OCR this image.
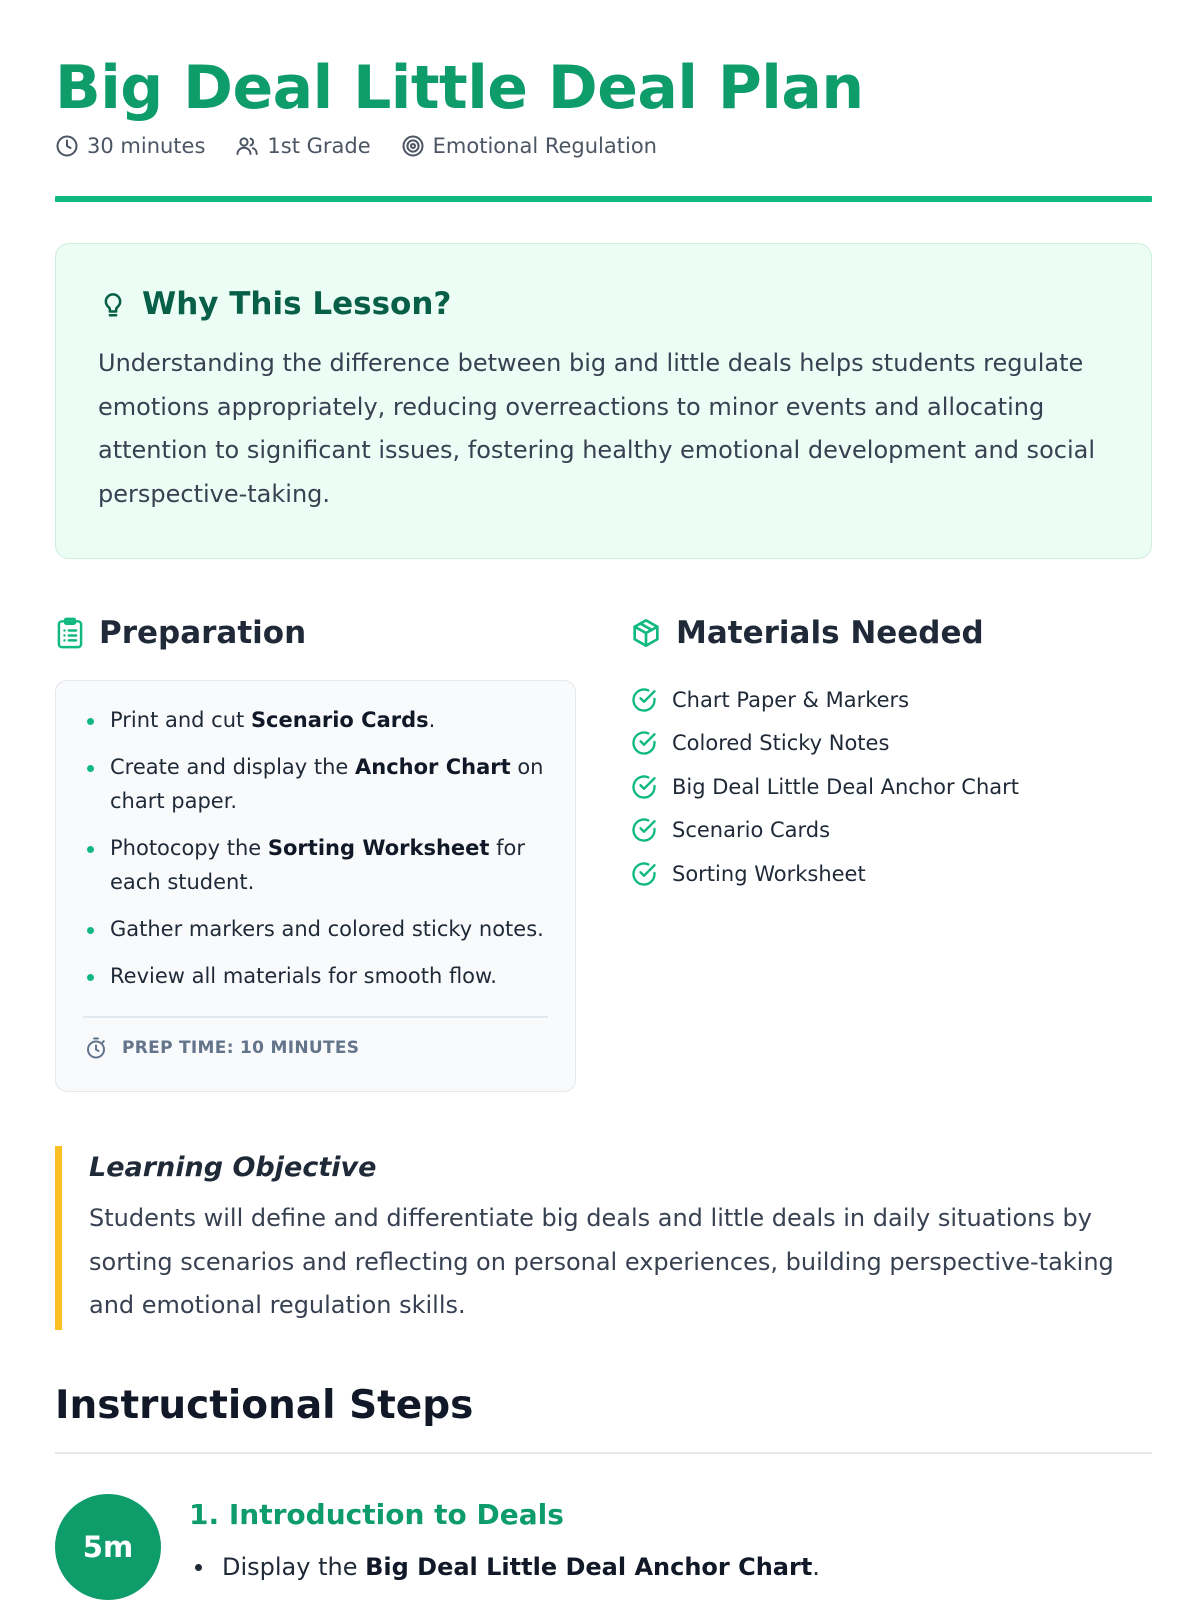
Big Deal Little Deal Plan
30 minutes	1st Grade	Emotional Regulation
Why This Lesson?

Understanding the difference between big and little deals helps students regulate emotions appropriately, reducing overreactions to minor events and allocating attention to significant issues, fostering healthy emotional development and social perspective-taking.

Preparation
Print and cut Scenario Cards.
Create and display the Anchor Chart on chart paper.
Photocopy the Sorting Worksheet for each student.
Gather markers and colored sticky notes.
Review all materials for smooth flow.
PREP TIME: 10 MINUTES
Materials Needed
Chart Paper & Markers
Colored Sticky Notes
Big Deal Little Deal Anchor Chart
Scenario Cards
Sorting Worksheet
Learning Objective

Students will define and differentiate big deals and little deals in daily situations by sorting scenarios and reflecting on personal experiences, building perspective-taking and emotional regulation skills.

Instructional Steps
5m
1. Introduction to Deals
Display the Big Deal Little Deal Anchor Chart.
